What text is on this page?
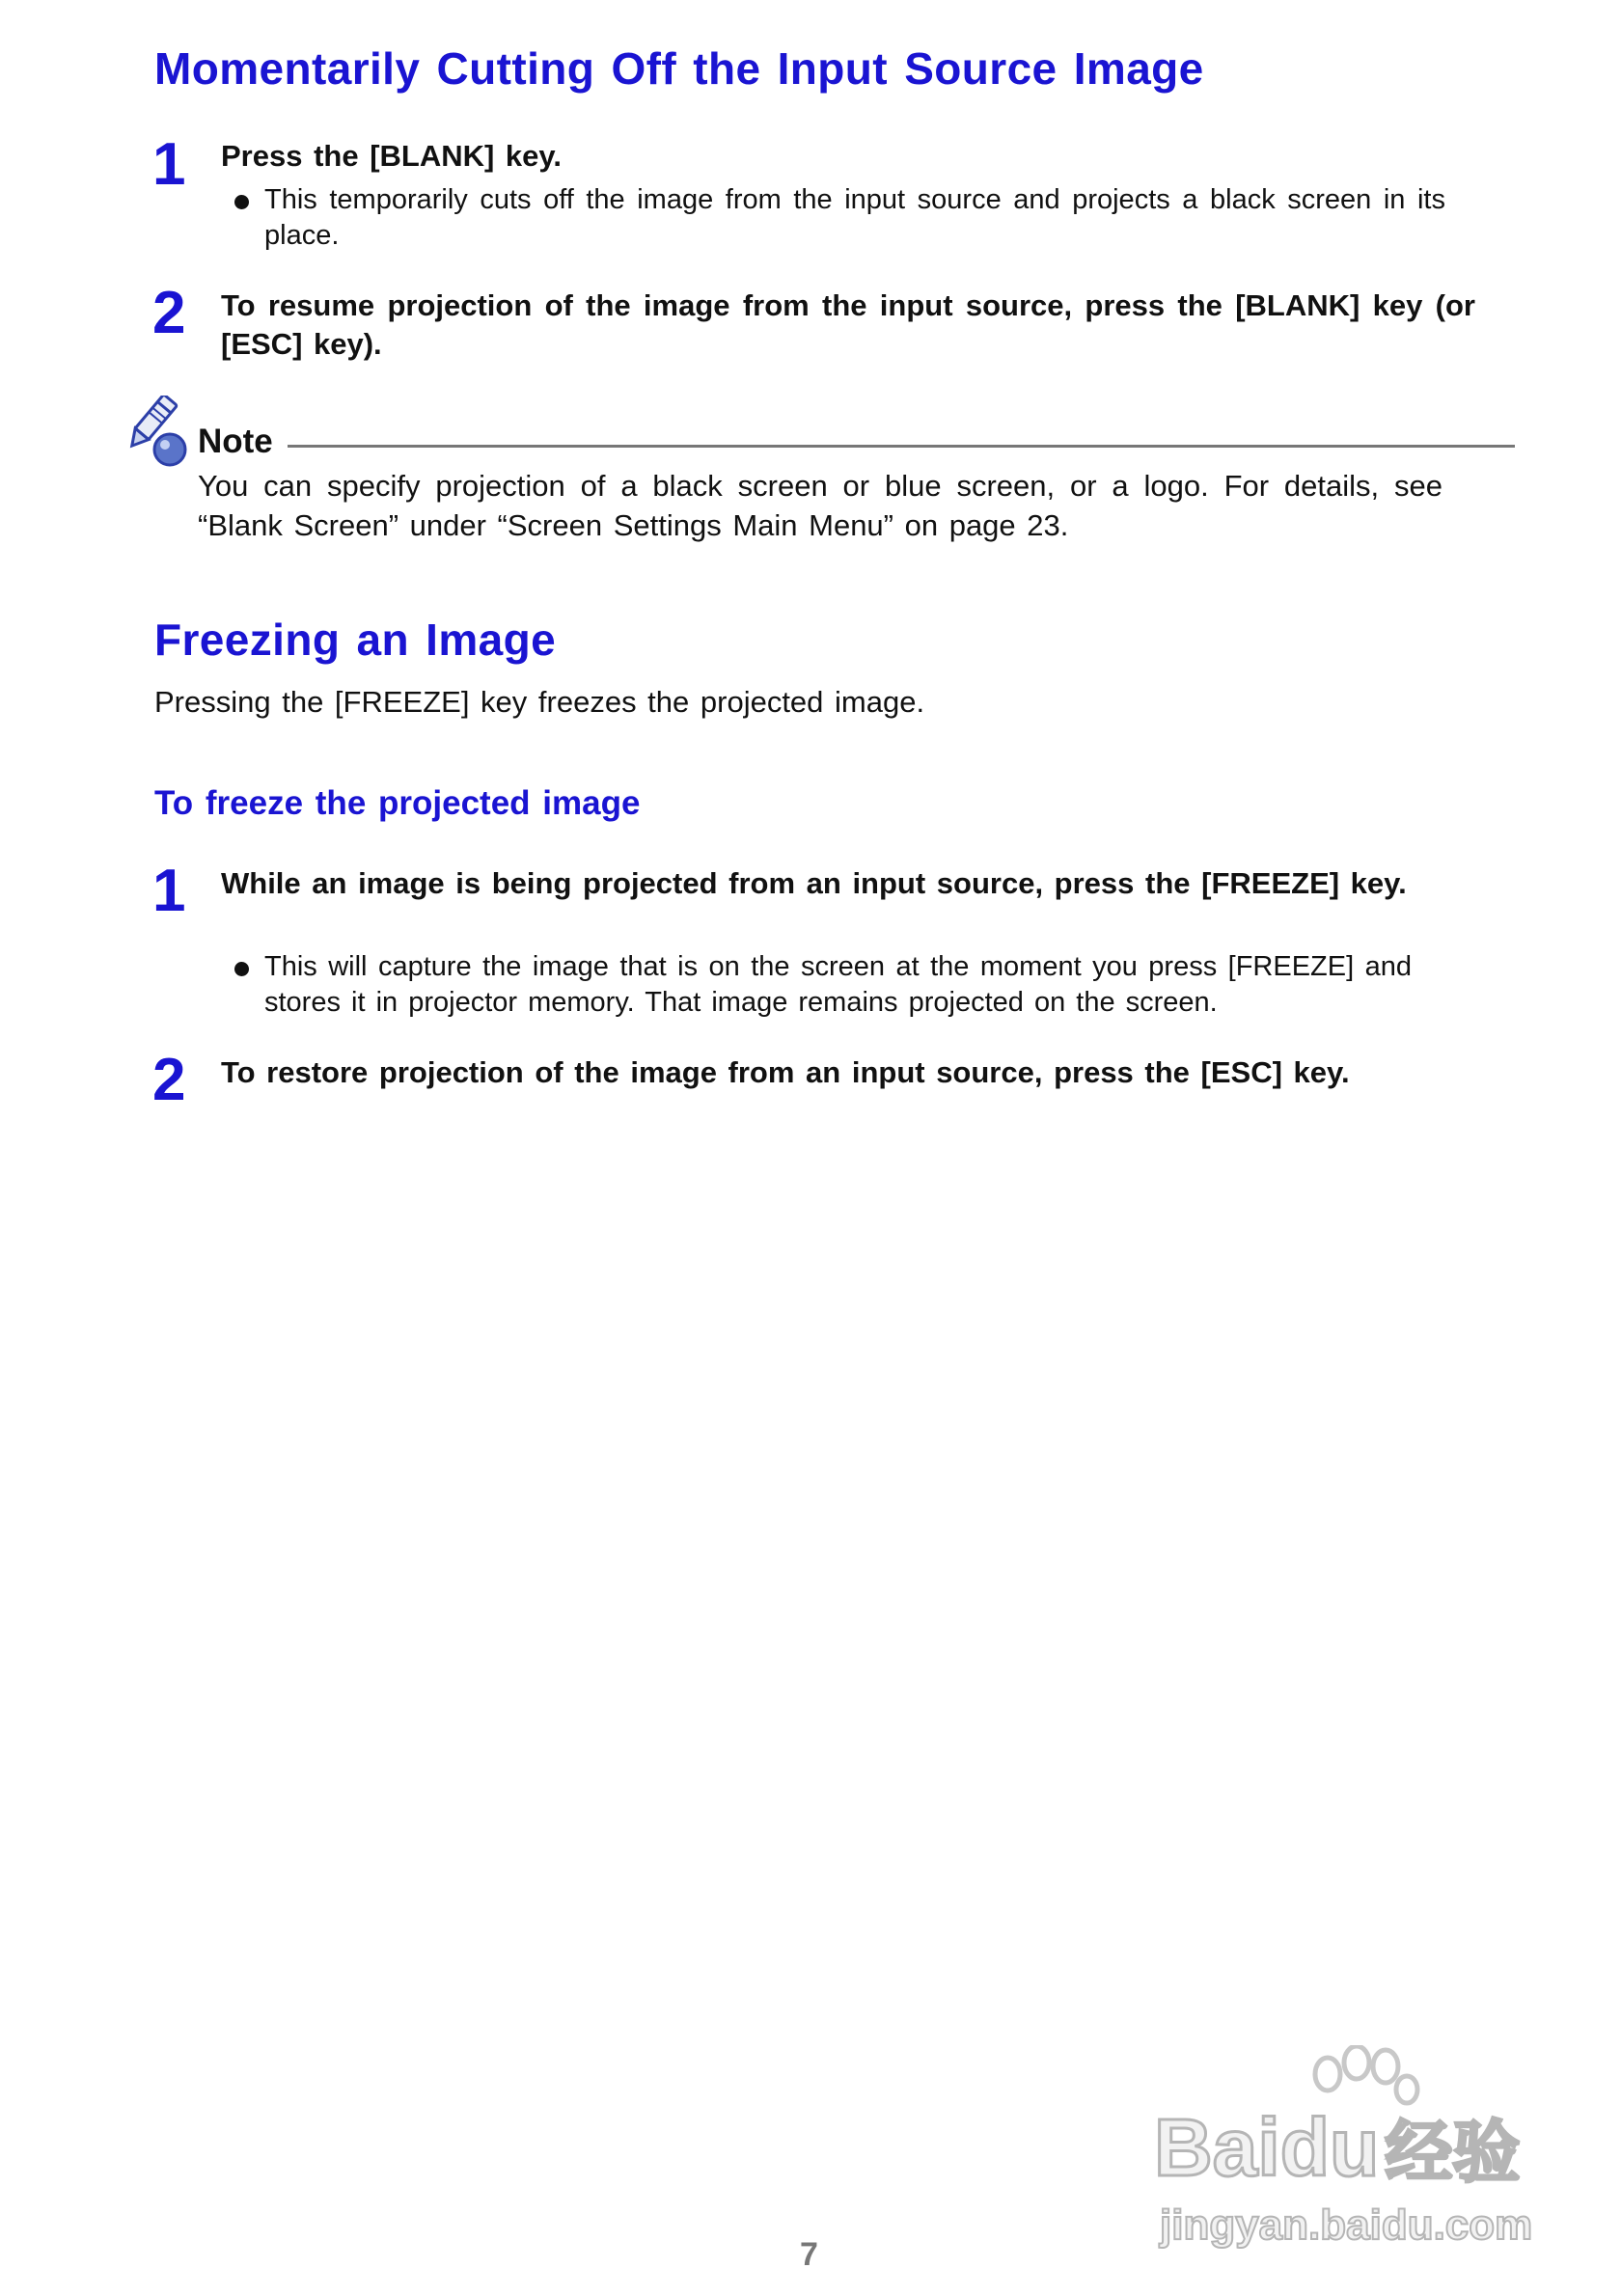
Momentarily Cutting Off the Input Source Image
1 Press the [BLANK] key.
This temporarily cuts off the image from the input source and projects a black screen in its place.
2 To resume projection of the image from the input source, press the [BLANK] key (or [ESC] key).
Note
You can specify projection of a black screen or blue screen, or a logo. For details, see “Blank Screen” under “Screen Settings Main Menu” on page 23.
Freezing an Image
Pressing the [FREEZE] key freezes the projected image.
To freeze the projected image
1 While an image is being projected from an input source, press the [FREEZE] key.
This will capture the image that is on the screen at the moment you press [FREEZE] and stores it in projector memory. That image remains projected on the screen.
2 To restore projection of the image from an input source, press the [ESC] key.
Baidu经验
jingyan.baidu.com
7
